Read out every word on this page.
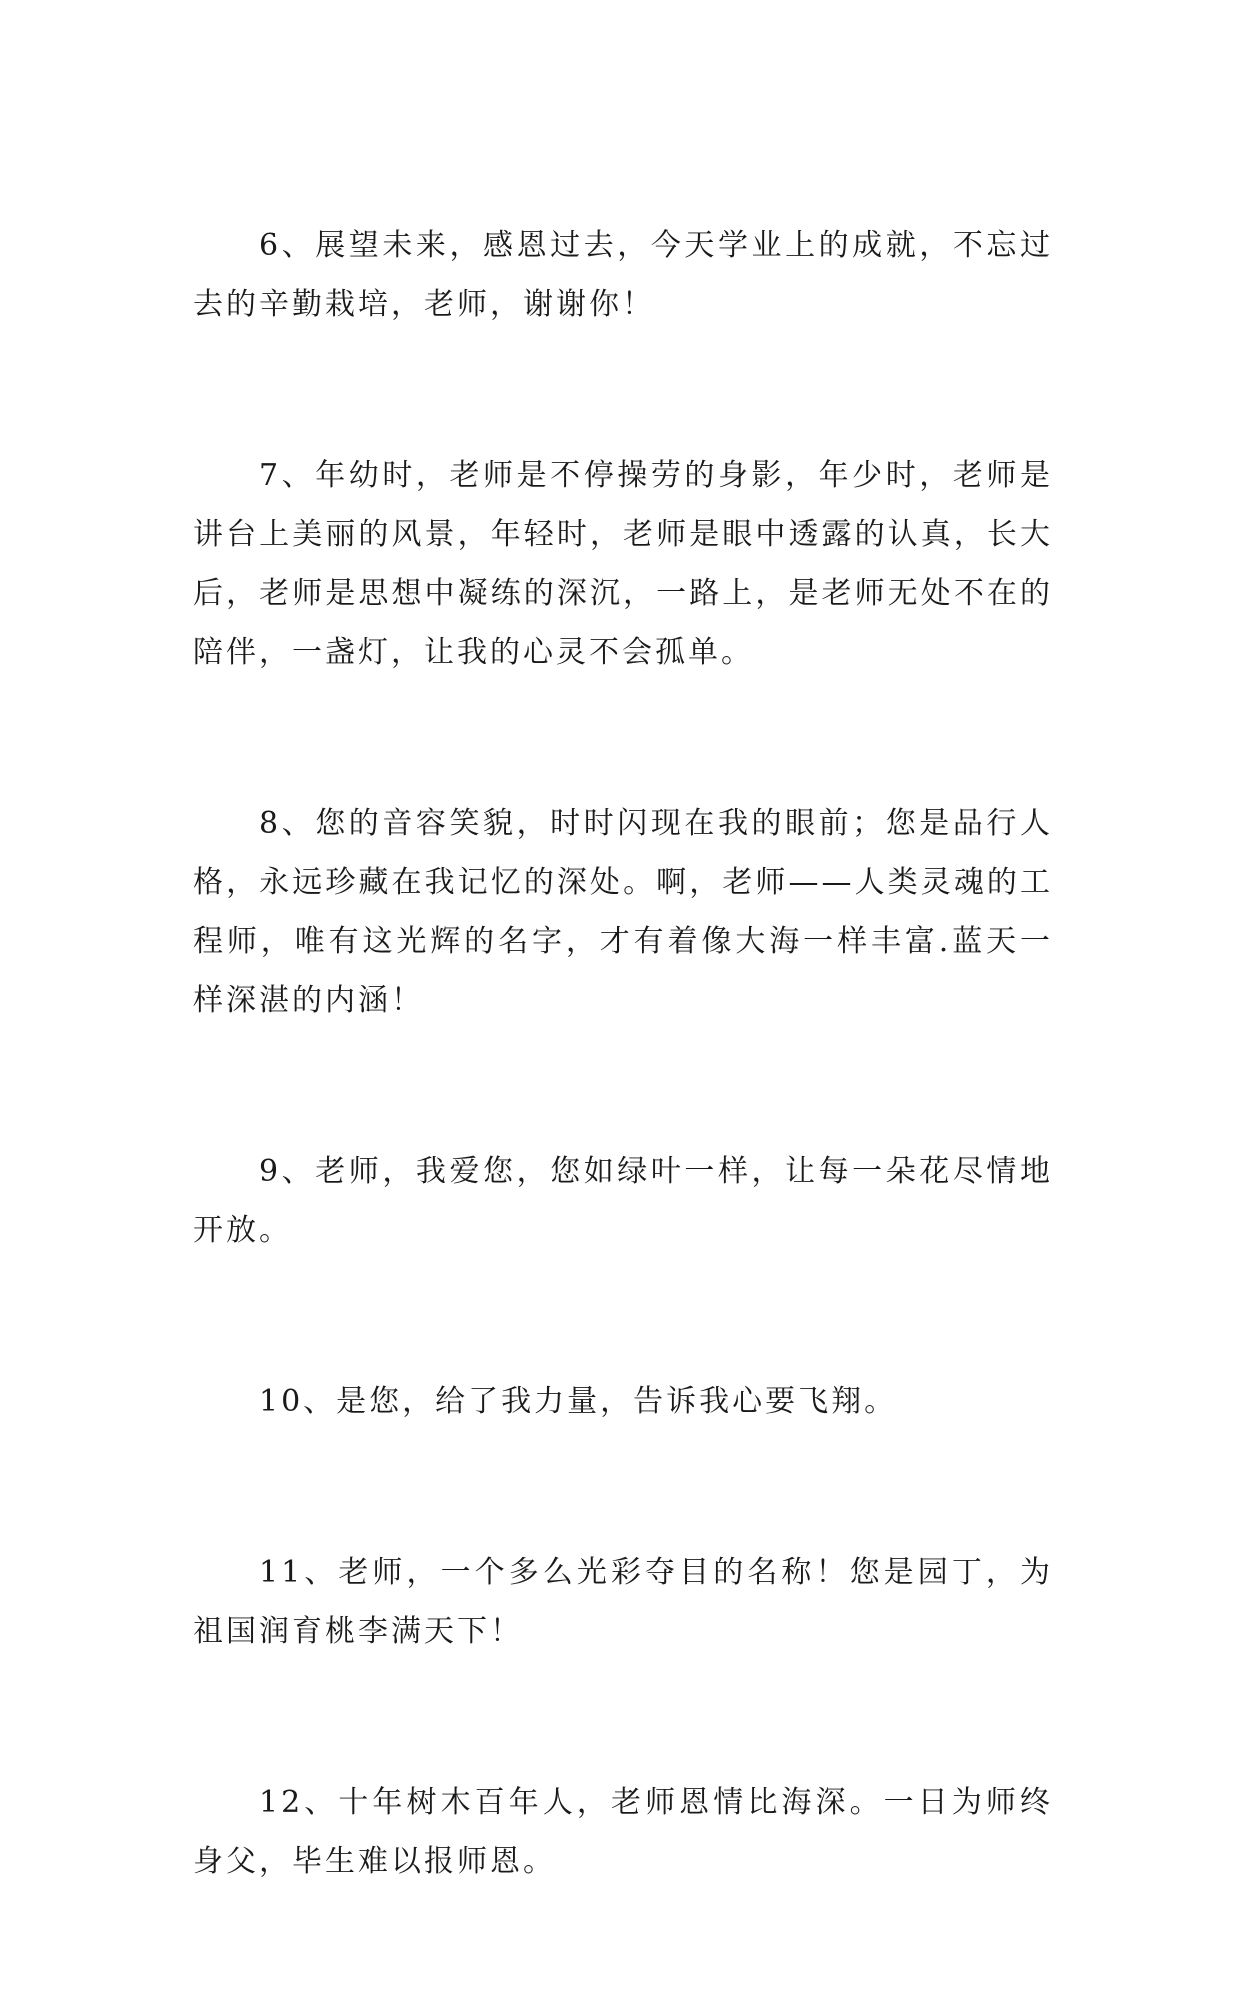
6、展望未来，感恩过去，今天学业上的成就，不忘过去的辛勤栽培，老师，谢谢你！

7、年幼时，老师是不停操劳的身影，年少时，老师是讲台上美丽的风景，年轻时，老师是眼中透露的认真，长大后，老师是思想中凝练的深沉，一路上，是老师无处不在的陪伴，一盏灯，让我的心灵不会孤单。

8、您的音容笑貌，时时闪现在我的眼前；您是品行人格，永远珍藏在我记忆的深处。啊，老师——人类灵魂的工程师，唯有这光辉的名字，才有着像大海一样丰富.蓝天一样深湛的内涵！

9、老师，我爱您，您如绿叶一样，让每一朵花尽情地开放。

10、是您，给了我力量，告诉我心要飞翔。

11、老师，一个多么光彩夺目的名称！您是园丁，为祖国润育桃李满天下！

12、十年树木百年人，老师恩情比海深。一日为师终身父，毕生难以报师恩。
